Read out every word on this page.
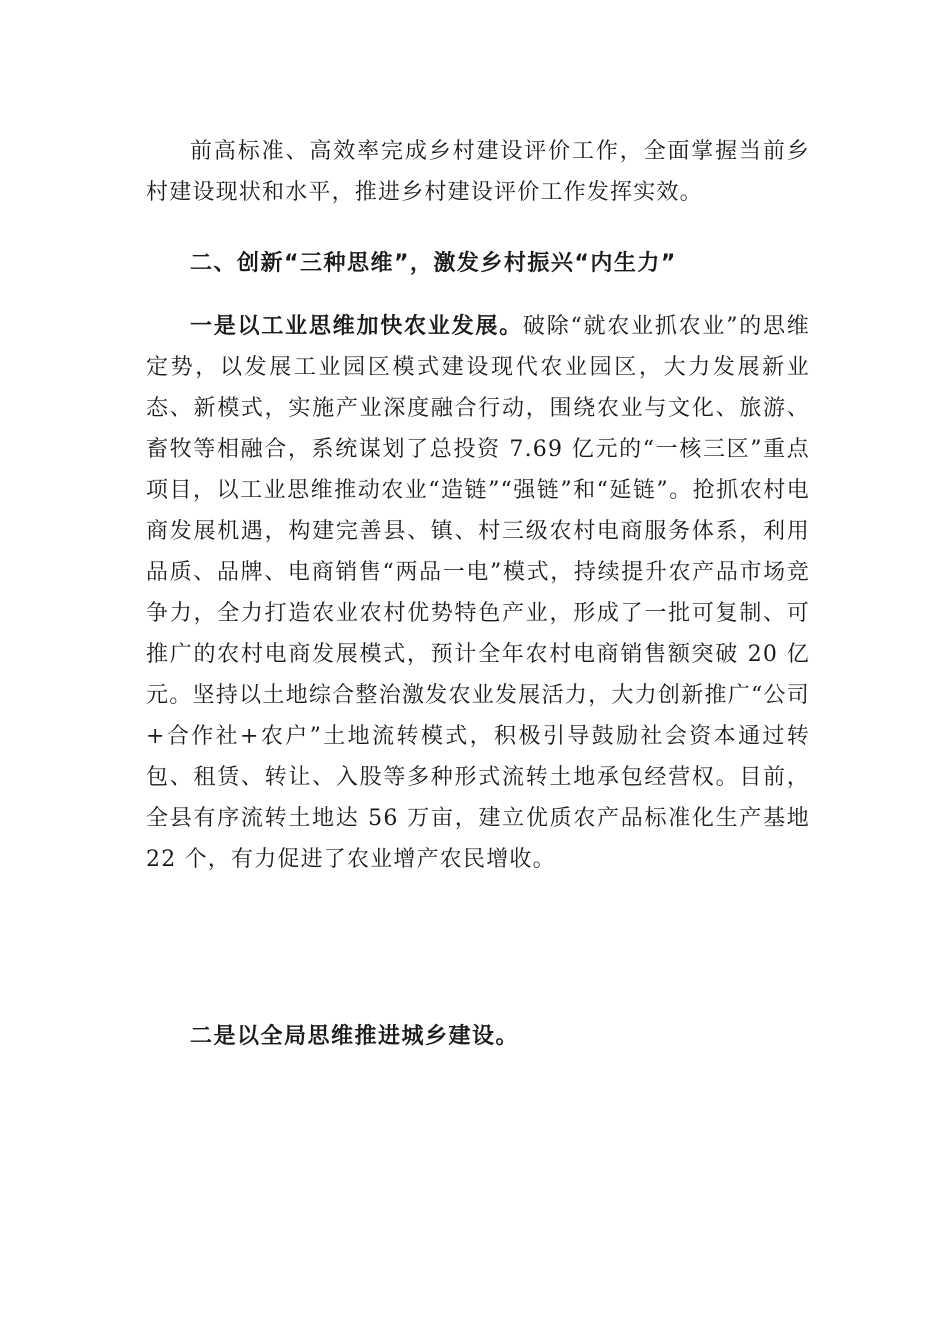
前高标准、高效率完成乡村建设评价工作，全面掌握当前乡村建设现状和水平，推进乡村建设评价工作发挥实效。

二、创新“三种思维”，激发乡村振兴“内生力”

一是以工业思维加快农业发展。破除“就农业抓农业”的思维定势，以发展工业园区模式建设现代农业园区，大力发展新业态、新模式，实施产业深度融合行动，围绕农业与文化、旅游、畜牧等相融合，系统谋划了总投资 7.69 亿元的“一核三区”重点项目，以工业思维推动农业“造链”“强链”和“延链”。抢抓农村电商发展机遇，构建完善县、镇、村三级农村电商服务体系，利用品质、品牌、电商销售“两品一电”模式，持续提升农产品市场竞争力，全力打造农业农村优势特色产业，形成了一批可复制、可推广的农村电商发展模式，预计全年农村电商销售额突破 20 亿元。坚持以土地综合整治激发农业发展活力，大力创新推广“公司+合作社+农户”土地流转模式，积极引导鼓励社会资本通过转包、租赁、转让、入股等多种形式流转土地承包经营权。目前，全县有序流转土地达 56 万亩，建立优质农产品标准化生产基地 22 个，有力促进了农业增产农民增收。

二是以全局思维推进城乡建设。
